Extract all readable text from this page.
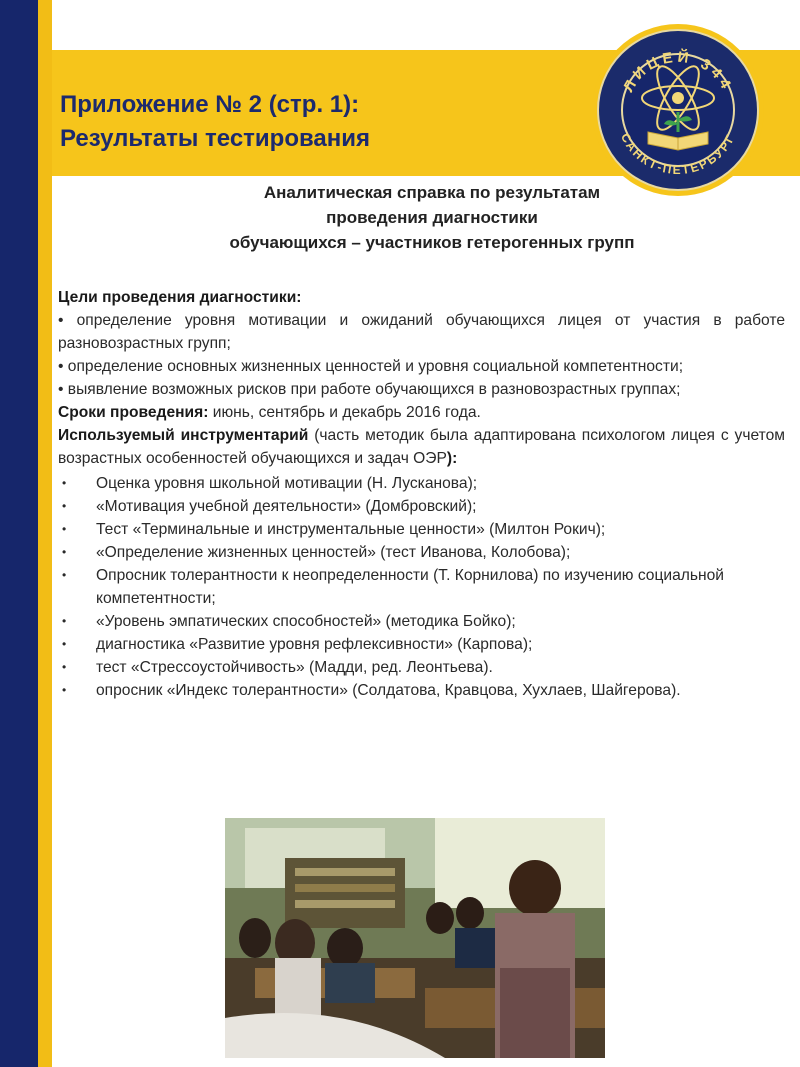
Приложение № 2 (стр. 1):
Результаты тестирования
ЛИЦЕЙ 344
САНКТ-ПЕТЕРБУРГ
Аналитическая справка по результатам
проведения диагностики
обучающихся – участников гетерогенных групп

Цели проведения диагностики:

• определение уровня мотивации и ожиданий обучающихся лицея от участия в работе разновозрастных групп;

• определение основных жизненных ценностей и уровня социальной компетентности;

• выявление возможных рисков при работе обучающихся в разновозрастных группах;

Сроки проведения: июнь, сентябрь и декабрь 2016 года.

Используемый инструментарий (часть методик была адаптирована психологом лицея с учетом возрастных особенностей обучающихся и задач ОЭР):

• Оценка уровня школьной мотивации (Н. Лусканова);
• «Мотивация учебной деятельности» (Домбровский);
• Тест «Терминальные и инструментальные ценности» (Милтон Рокич);
• «Определение жизненных ценностей» (тест Иванова, Колобова);
• Опросник толерантности к неопределенности (Т. Корнилова) по изучению социальной компетентности;
• «Уровень эмпатических способностей» (методика Бойко);
• диагностика «Развитие уровня рефлексивности» (Карпова);
• тест «Стрессоустойчивость» (Мадди, ред. Леонтьева).
• опросник «Индекс толерантности» (Солдатова, Кравцова, Хухлаев, Шайгерова).
